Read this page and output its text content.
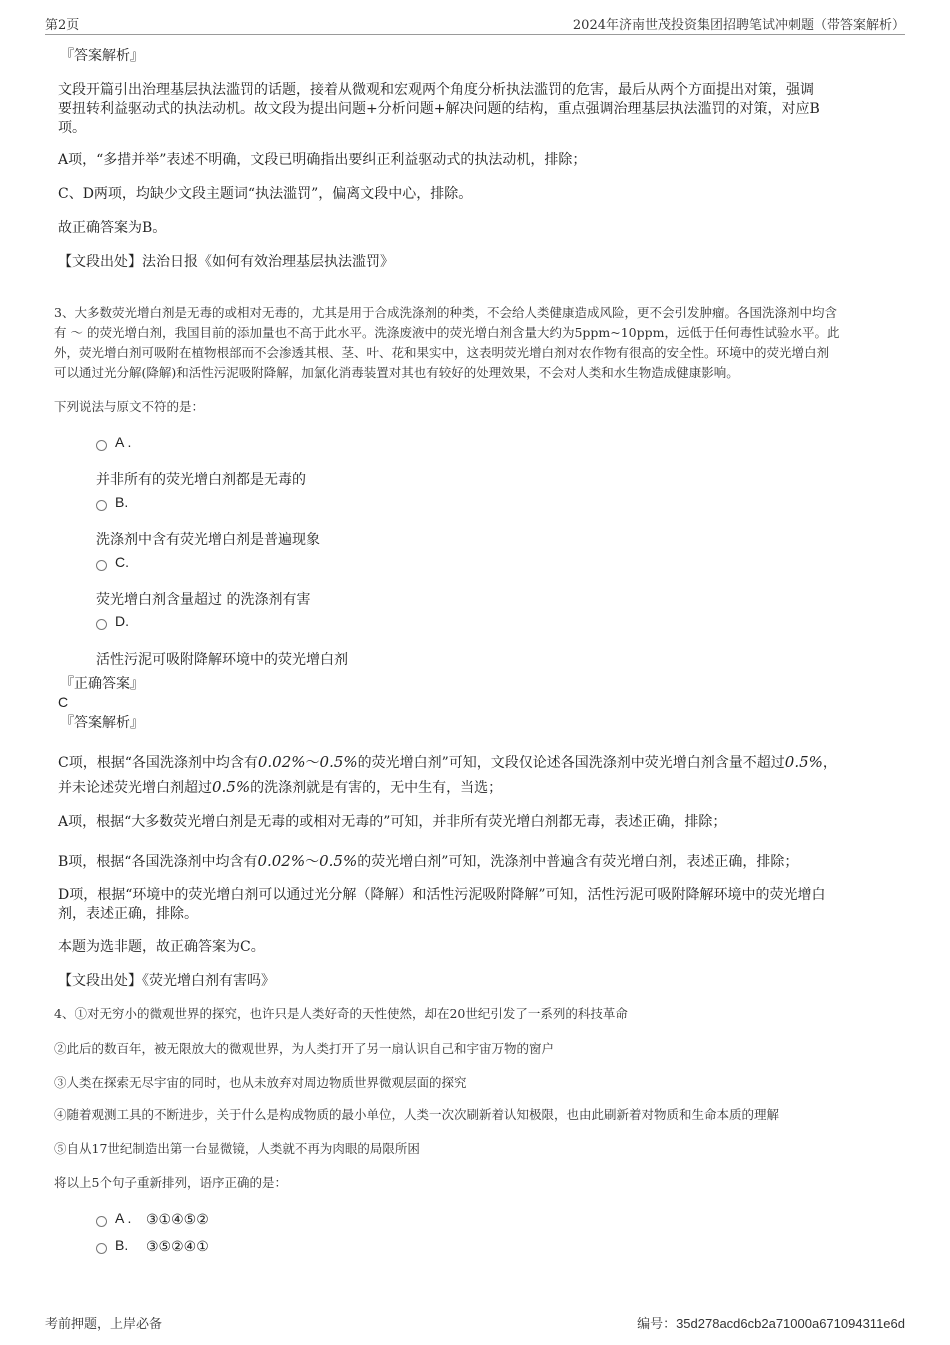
第2页	2024年济南世茂投资集团招聘笔试冲刺题（带答案解析）
『答案解析』
文段开篇引出治理基层执法滥罚的话题，接着从微观和宏观两个角度分析执法滥罚的危害，最后从两个方面提出对策，强调
要扭转利益驱动式的执法动机。故文段为提出问题+分析问题+解决问题的结构，重点强调治理基层执法滥罚的对策，对应B
项。
A项，“多措并举”表述不明确，文段已明确指出要纠正利益驱动式的执法动机，排除；
C、D两项，均缺少文段主题词“执法滥罚”，偏离文段中心，排除。
故正确答案为B。
【文段出处】法治日报《如何有效治理基层执法滥罚》
3、大多数荧光增白剂是无毒的或相对无毒的，尤其是用于合成洗涤剂的种类，不会给人类健康造成风险，更不会引发肿瘤。各国洗涤剂中均含
有 ～ 的荧光增白剂，我国目前的添加量也不高于此水平。洗涤废液中的荧光增白剂含量大约为5ppm~10ppm，远低于任何毒性试验水平。此
外，荧光增白剂可吸附在植物根部而不会渗透其根、茎、叶、花和果实中，这表明荧光增白剂对农作物有很高的安全性。环境中的荧光增白剂
可以通过光分解(降解)和活性污泥吸附降解，加氯化消毒装置对其也有较好的处理效果，不会对人类和水生物造成健康影响。
下列说法与原文不符的是：
A .
并非所有的荧光增白剂都是无毒的
B.
洗涤剂中含有荧光增白剂是普遍现象
C.
荧光增白剂含量超过 的洗涤剂有害
D.
活性污泥可吸附降解环境中的荧光增白剂
『正确答案』
C
『答案解析』
C项，根据“各国洗涤剂中均含有0.02%～0.5%的荧光增白剂”可知，文段仅论述各国洗涤剂中荧光增白剂含量不超过0.5%，
并未论述荧光增白剂超过0.5%的洗涤剂就是有害的，无中生有，当选；
A项，根据“大多数荧光增白剂是无毒的或相对无毒的”可知，并非所有荧光增白剂都无毒，表述正确，排除；
B项，根据“各国洗涤剂中均含有0.02%～0.5%的荧光增白剂”可知，洗涤剂中普遍含有荧光增白剂，表述正确，排除；
D项，根据“环境中的荧光增白剂可以通过光分解（降解）和活性污泥吸附降解”可知，活性污泥可吸附降解环境中的荧光增白
剂，表述正确，排除。
本题为选非题，故正确答案为C。
【文段出处】《荧光增白剂有害吗》
4、①对无穷小的微观世界的探究，也许只是人类好奇的天性使然，却在20世纪引发了一系列的科技革命
②此后的数百年，被无限放大的微观世界，为人类打开了另一扇认识自己和宇宙万物的窗户
③人类在探索无尽宇宙的同时，也从未放弃对周边物质世界微观层面的探究
④随着观测工具的不断进步，关于什么是构成物质的最小单位，人类一次次刷新着认知极限，也由此刷新着对物质和生命本质的理解
⑤自从17世纪制造出第一台显微镜，人类就不再为肉眼的局限所困
将以上5个句子重新排列，语序正确的是：
A . ③①④⑤②
B. ③⑤②④①
考前押题，上岸必备	编号：35d278acd6cb2a71000a671094311e6d
